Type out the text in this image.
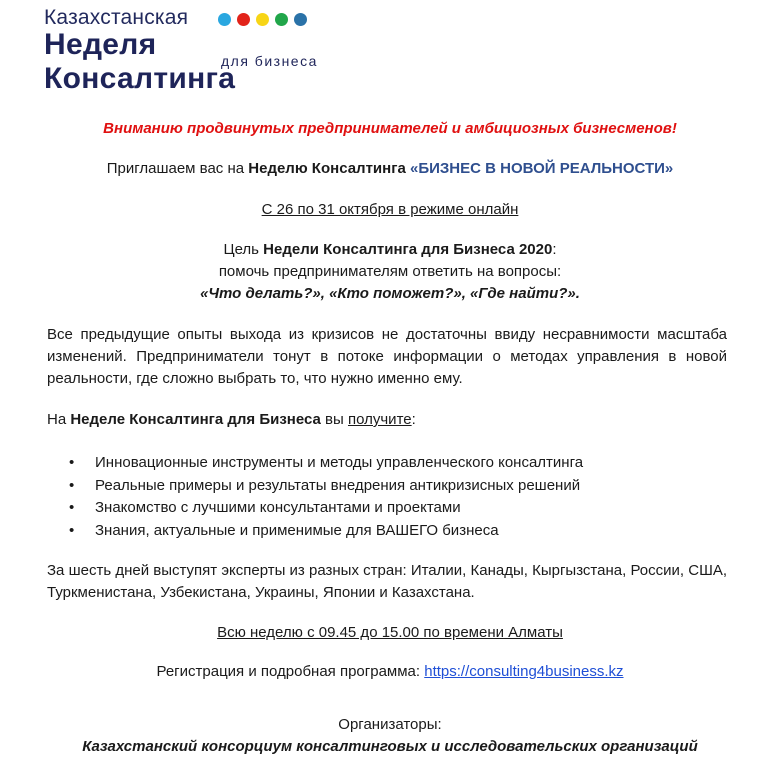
Казахстанская
Неделя Консалтинга
для бизнеса
Вниманию продвинутых предпринимателей и амбициозных бизнесменов!
Приглашаем вас на Неделю Консалтинга «БИЗНЕС В НОВОЙ РЕАЛЬНОСТИ»
С 26 по 31 октября в режиме онлайн
Цель Недели Консалтинга для Бизнеса 2020:
помочь предпринимателям ответить на вопросы:
«Что делать?», «Кто поможет?», «Где найти?».
Все предыдущие опыты выхода из кризисов не достаточны ввиду несравнимости масштаба изменений. Предприниматели тонут в потоке информации о методах управления в новой реальности, где сложно выбрать то, что нужно именно ему.
На Неделе Консалтинга для Бизнеса вы получите:
• Инновационные инструменты и методы управленческого консалтинга
• Реальные примеры и результаты внедрения антикризисных решений
• Знакомство с лучшими консультантами и проектами
• Знания, актуальные и применимые для ВАШЕГО бизнеса
За шесть дней выступят эксперты из разных стран: Италии, Канады, Кыргызстана, России, США, Туркменистана, Узбекистана, Украины, Японии и Казахстана.
Всю неделю с 09.45 до 15.00 по времени Алматы
Регистрация и подробная программа: https://consulting4business.kz
Организаторы:
Казахстанский консорциум консалтинговых и исследовательских организаций
